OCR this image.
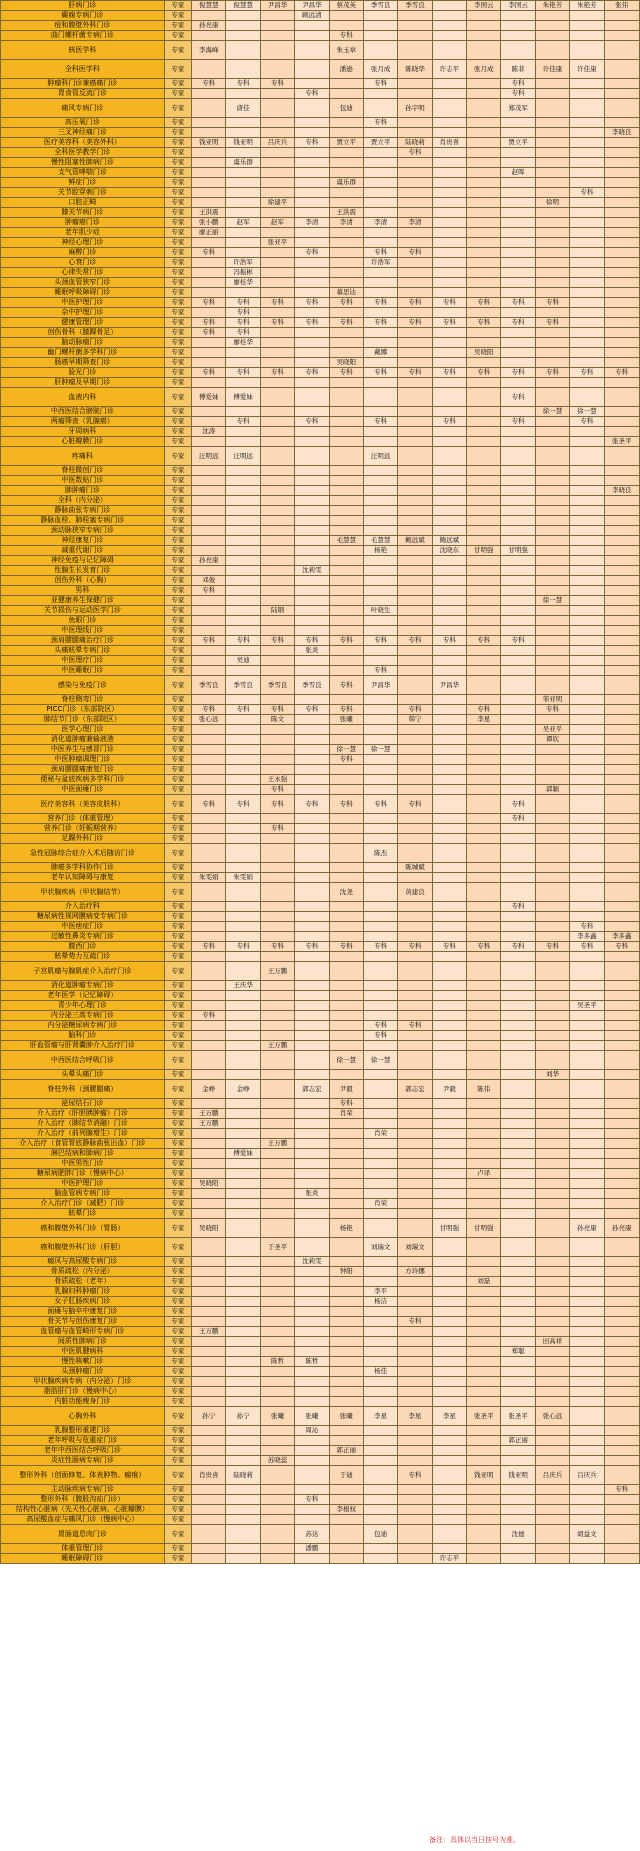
肝病门诊	专家	倪慧慧	倪慧慧	尹昌华	尹昌华	蔡茂英	季雪良	季雪良		李国云	李国云	朱艳芳	朱艳芳	张伟
癫痫专病门诊	专家				顾远清									
痘和腹壁外科门诊	专家	孙亮康												
曲门螺杆菌专病门诊	专家					专科								
核医学科	专家	李海峰				朱玉章								
全科医学科	专家					潘逊	张月成	陈晓华	许志平	张月成	陈菲	许佳康	许佳康	
肿瘤科门诊兼癌痛门诊	专家	专科	专科	专科			专科				专科			
胃食管反流门诊	专家				专科						专科			
痛风专病门诊	专家		唐佳			包迪		孙宇明			郑茂军			
高压氧门诊	专家						专科							
三叉神经痛门诊	专家													李晓良
医疗美容科（美容外科）	专家	钱亚明	钱亚明	吕庆兵	专科	贾立平	贾立平	陆晓莉	肖贵喜		贾立平			
全科医学教学门诊	专家							专科						
慢性阻塞性肺病门诊	专家		虞乐群											
支气管哮喘门诊	专家										赵晖			
鲜症门诊	专家					虞乐群								
关节腔穿刺门诊	专家												专科	
口腔正畸	专家			徐建平								徐明		
膝关节病门诊	专家	王洪震				王洪震								
肿瘤癌门诊	专家	张小鹏	赵军	赵军	李清	李清	李清	李清						
老年肌少症	专家	廖正丽												
神经心理门诊	专家			张亚平										
麻醉门诊	专家	专科			专科		专科	专科						
心衰门诊	专家		许浩军				许浩军							
心律失常门诊	专家		冯振彬											
头颈血管狭窄门诊	专家		廖桂华											
睡眠呼吸障碍门诊	专家					慕思达								
中医护理门诊	专家	专科	专科	专科	专科	专科	专科	专科	专科	专科	专科	专科		
杂中护理门诊	专家		专科											
健康管理门诊	专家	专科	专科	专科	专科	专科	专科	专科	专科	专科	专科	专科		
创伤骨科（膝踝骨足）	专家	专科	专科											
脑动脉瘤门诊	专家		廖桂华											
幽门螺杆菌多学科门诊	专家						戴娜			吴晓阳				
肠癌早期筛查门诊	专家					吴晓阳								
验光门诊	专家	专科	专科	专科	专科	专科	专科	专科	专科	专科	专科	专科	专科	专科
肝肿瘤及早期门诊	专家													
血液内科	专家	傅爱妹	傅爱妹								专科			
中西医结合膀胱门诊	专家											徐一慧	徐一慧	
两瘤筛查（乳腺癌）	专家		专科		专科		专科		专科		专科		专科	
牙周病科	专家	沈涛												
心脏瓣膜门诊	专家													张圣平
疼痛科	专家	汪明远	汪明远				汪明远							
脊柱微创门诊	专家													
中医数贴门诊	专家													
肺肿瘤门诊	专家													李晓良
全科（内分泌）	专家													
静脉曲张专病门诊	专家													
静脉血栓、肺栓塞专病门诊	专家													
颈动脉狭窄专病门诊	专家													
神经康复门诊	专家					毛慧慧	毛慧慧	鲍远斌	鲍远斌					
减重代谢门诊	专家						杨艳		沈晓东	甘明强	甘明强			
神经免疫与记忆障碍	专家	孙亮康												
性腺生长发育门诊	专家				沈莉雯									
创伤外科（心胸）	专家	邓俊												
男科	专家	专科												
亚健康养生保健门诊	专家											徐一慧		
关节损伤与运动医学门诊	专家			陆钢			叶晓生							
鱼眼门诊	专家													
中医理线门诊	专家													
颈肩腰腿痛治疗门诊	专家	专科	专科	专科	专科	专科	专科	专科	专科	专科	专科			
头痛眩晕专病门诊	专家				张炎									
中医理疗门诊	专家		吴迪											
中医睡眠门诊	专家						专科							
感染与免疫门诊	专家	季雪良	季雪良	季雪良	季雪良	专科	尹昌华		尹昌华					
脊柱侧弯门诊	专家											邹亚明		
PICC门诊（东部院区）	专家	专科	专科	专科	专科	专科		专科		专科		专科		
肺结节门诊（东部院区）	专家	张心远		陈文		张曦		韩宁		李星				
医学心理门诊	专家											吴亚平		
消化道肿瘤兼输液港	专家											谭钦		
中医养生与感冒门诊	专家					徐一慧	徐一慧							
中医肿瘤调理门诊	专家					专科								
颈肩腰腿痛康复门诊	专家													
便秘与盆底疾病多学科门诊	专家			王永强										
中医面瘫门诊	专家			专科								郭颖		
医疗美容科（美容皮肤科）	专家	专科	专科	专科	专科	专科	专科	专科			专科			
营养门诊（体重管理）	专家										专科			
营养门诊（妊娠期营养）	专家			专科										
足踝外科门诊	专家													
急性冠脉综合症介入术后随访门诊	专家						陈杰							
肺癌多学科协作门诊	专家							陈城斌						
老年认知障碍与康复	专家	朱雯娟	朱雯娟											
甲状腺疾病（甲状腺结节）	专家					沈尧		黄建良						
介入治疗科	专家										专科			
糖尿病性视网膜病变专病门诊	专家													
中医痞症门诊	专家												专科	
过敏性鼻炎专病门诊	专家												李多鑫	李多鑫
腹西门诊	专家	专科	专科	专科	专科	专科	专科	专科	专科	专科	专科	专科	专科	专科
眩晕势力互疏门诊	专家													
子宫肌瘤与腺肌症介入治疗门诊	专家			王万鹏										
消化道肿瘤专病门诊	专家		王庆华											
老年医学（记忆障碍）	专家													
青少年心理门诊	专家												吴圣平	
内分泌三高专病门诊	专家	专科												
内分泌糖尿病专病门诊	专家						专科	专科						
脑科门诊	专家						专科							
肝血管瘤与肝肾囊肿介入治疗门诊	专家			王万鹏										
中西医结合呼吸门诊	专家					徐一慧	徐一慧							
头晕头痛门诊	专家											刘华		
脊柱外科（颈腰腿痛）	专家	金峥	金峥		郭志宏	尹毅		郭志宏	尹毅	陈伟				
泌尿结石门诊	专家					专科								
介入治疗（肝胆胰肿瘤）门诊	专家	王万鹏				肖荣								
介入治疗（肺结节消融）门诊	专家	王万鹏												
介入治疗（前列腺增生）门诊	专家						肖荣							
介入治疗（食管胃底静脉曲张出血）门诊	专家			王万鹏										
淋巴结病和肺病门诊	专家		傅爱妹											
中医男性门诊	专家													
糖尿病肥胖门诊（慢病中心）	专家									卢译				
中医护理门诊	专家	吴晓阳												
脑血管病专病门诊	专家				张炎									
介入治疗门诊（减肥）门诊	专家						肖荣							
眩晕门诊	专家													
癌和腹壁外科门诊（胃肠）	专家	吴晓阳				杨艳			甘明强	甘明强			孙亮康	孙亮康
癌和腹壁外科门诊（肝胆）	专家			于圣平			刘瑞文	刘瑞文						
瘢风与高尿酸专病门诊	专家				沈莉雯									
骨质疏松（内分泌）	专家					钟阳		方玲娜						
骨质疏松（老年）	专家									刘磊				
乳腺妇科肿瘤门诊	专家						李平							
女子肛肠疾病门诊	专家						杨洁							
面瘫与脑卒中康复门诊	专家													
骨关节与创伤康复门诊	专家							专科						
血管瘤与血管畸形专病门诊	专家	王万鹏												
间质性肺病门诊	专家											田高祥		
中医肌腱病科	专家										郑聪			
慢性咳嗽门诊	专家			陈哲	陈哲									
头颈肿瘤门诊	专家						杨佳							
甲状腺疾病专病（内分泌）门诊	专家													
脂肪肝门诊（慢病中心）	专家													
内脏功能瘦身门诊	专家													
心胸外科	专家	孙宁	孙宁	张曦	张曦	张曦	李星	李星	李星	张圣平	张圣平	张心远		
乳腺整形重建门诊	专家				周沁									
老年呼吸与危重症门诊	专家										郭正丽			
老年中西医结合呼吸门诊	专家					郭正丽								
炎症性肠病专病门诊	专家			苏晓蕊										
整形外科（创面修复、体表肿物、瘢痕）	专家	肖贵喜	陆晓莉			于迪		专科		钱亚明	钱亚明	吕庆兵	吕庆兵	
主动脉疾病专病门诊	专家													专科
整形外科（腹股沟疝门诊）	专家				专科									
结构性心脏病（先天性心脏病、心脏瓣膜）	专家					李根权								
高尿酸血症与痛风门诊（慢病中心）	专家													
胃肠道息肉门诊	专家				苏达		包迪				沈德		胡益文	
体重管理门诊	专家				潘鹏									
睡眠障碍门诊	专家								许志平					
备注：具体以当日挂号为准。
